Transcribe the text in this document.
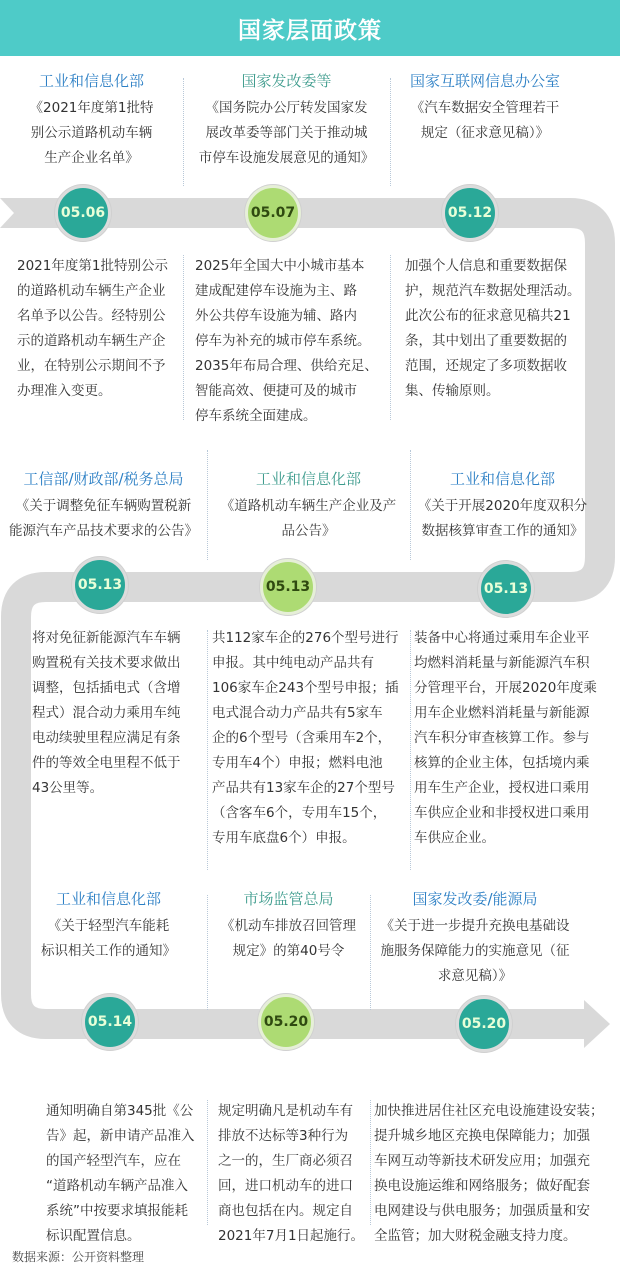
国家层面政策
工业和信息化部
《2021年度第1批特
别公示道路机动车辆
生产企业名单》
国家发改委等
《国务院办公厅转发国家发
展改革委等部门关于推动城
市停车设施发展意见的通知》
国家互联网信息办公室
《汽车数据安全管理若干
规定（征求意见稿）》
05.06	05.07	05.12
2021年度第1批特别公示
的道路机动车辆生产企业
名单予以公告。经特别公
示的道路机动车辆生产企
业，在特别公示期间不予
办理准入变更。
2025年全国大中小城市基本
建成配建停车设施为主、路
外公共停车设施为辅、路内
停车为补充的城市停车系统。
2035年布局合理、供给充足、
智能高效、便捷可及的城市
停车系统全面建成。
加强个人信息和重要数据保
护，规范汽车数据处理活动。
此次公布的征求意见稿共21
条，其中划出了重要数据的
范围，还规定了多项数据收
集、传输原则。
工信部/财政部/税务总局
《关于调整免征车辆购置税新
能源汽车产品技术要求的公告》
工业和信息化部
《道路机动车辆生产企业及产
品公告》
工业和信息化部
《关于开展2020年度双积分
数据核算审查工作的通知》
05.13	05.13	05.13
将对免征新能源汽车车辆
购置税有关技术要求做出
调整，包括插电式（含增
程式）混合动力乘用车纯
电动续驶里程应满足有条
件的等效全电里程不低于
43公里等。
共112家车企的276个型号进行
申报。其中纯电动产品共有
106家车企243个型号申报；插
电式混合动力产品共有5家车
企的6个型号（含乘用车2个，
专用车4个）申报；燃料电池
产品共有13家车企的27个型号
（含客车6个，专用车15个，
专用车底盘6个）申报。
装备中心将通过乘用车企业平
均燃料消耗量与新能源汽车积
分管理平台，开展2020年度乘
用车企业燃料消耗量与新能源
汽车积分审查核算工作。参与
核算的企业主体，包括境内乘
用车生产企业，授权进口乘用
车供应企业和非授权进口乘用
车供应企业。
工业和信息化部
《关于轻型汽车能耗
标识相关工作的通知》
市场监管总局
《机动车排放召回管理
规定》的第40号令
国家发改委/能源局
《关于进一步提升充换电基础设
施服务保障能力的实施意见（征
求意见稿）》
05.14	05.20	05.20
通知明确自第345批《公
告》起，新申请产品准入
的国产轻型汽车，应在
“道路机动车辆产品准入
系统”中按要求填报能耗
标识配置信息。
规定明确凡是机动车有
排放不达标等3种行为
之一的，生厂商必须召
回，进口机动车的进口
商也包括在内。规定自
2021年7月1日起施行。
加快推进居住社区充电设施建设安装；
提升城乡地区充换电保障能力；加强
车网互动等新技术研发应用；加强充
换电设施运维和网络服务；做好配套
电网建设与供电服务；加强质量和安
全监管；加大财税金融支持力度。
数据来源：公开资料整理
